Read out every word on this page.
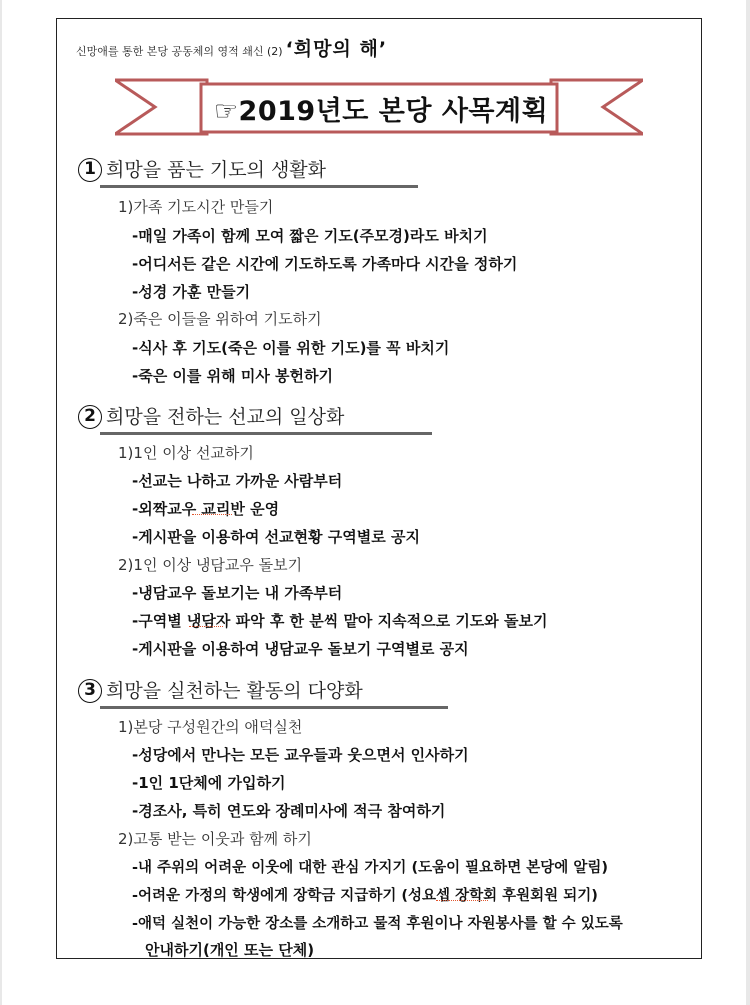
신망애를 통한 본당 공동체의 영적 쇄신 (2) ‘희망의 해’
☞2019년도 본당 사목계획
1 희망을 품는 기도의 생활화
1)가족 기도시간 만들기
-매일 가족이 함께 모여 짧은 기도(주모경)라도 바치기
-어디서든 같은 시간에 기도하도록 가족마다 시간을 정하기
-성경 가훈 만들기
2)죽은 이들을 위하여 기도하기
-식사 후 기도(죽은 이를 위한 기도)를 꼭 바치기
-죽은 이를 위해 미사 봉헌하기
2 희망을 전하는 선교의 일상화
1)1인 이상 선교하기
-선교는 나하고 가까운 사람부터
-외짝교우 교리반 운영
-게시판을 이용하여 선교현황 구역별로 공지
2)1인 이상 냉담교우 돌보기
-냉담교우 돌보기는 내 가족부터
-구역별 냉담자 파악 후 한 분씩 맡아 지속적으로 기도와 돌보기
-게시판을 이용하여 냉담교우 돌보기 구역별로 공지
3 희망을 실천하는 활동의 다양화
1)본당 구성원간의 애덕실천
-성당에서 만나는 모든 교우들과 웃으면서 인사하기
-1인 1단체에 가입하기
-경조사, 특히 연도와 장례미사에 적극 참여하기
2)고통 받는 이웃과 함께 하기
-내 주위의 어려운 이웃에 대한 관심 가지기 (도움이 필요하면 본당에 알림)
-어려운 가정의 학생에게 장학금 지급하기 (성요셉 장학회 후원회원 되기)
-애덕 실천이 가능한 장소를 소개하고 물적 후원이나 자원봉사를 할 수 있도록
안내하기(개인 또는 단체)
